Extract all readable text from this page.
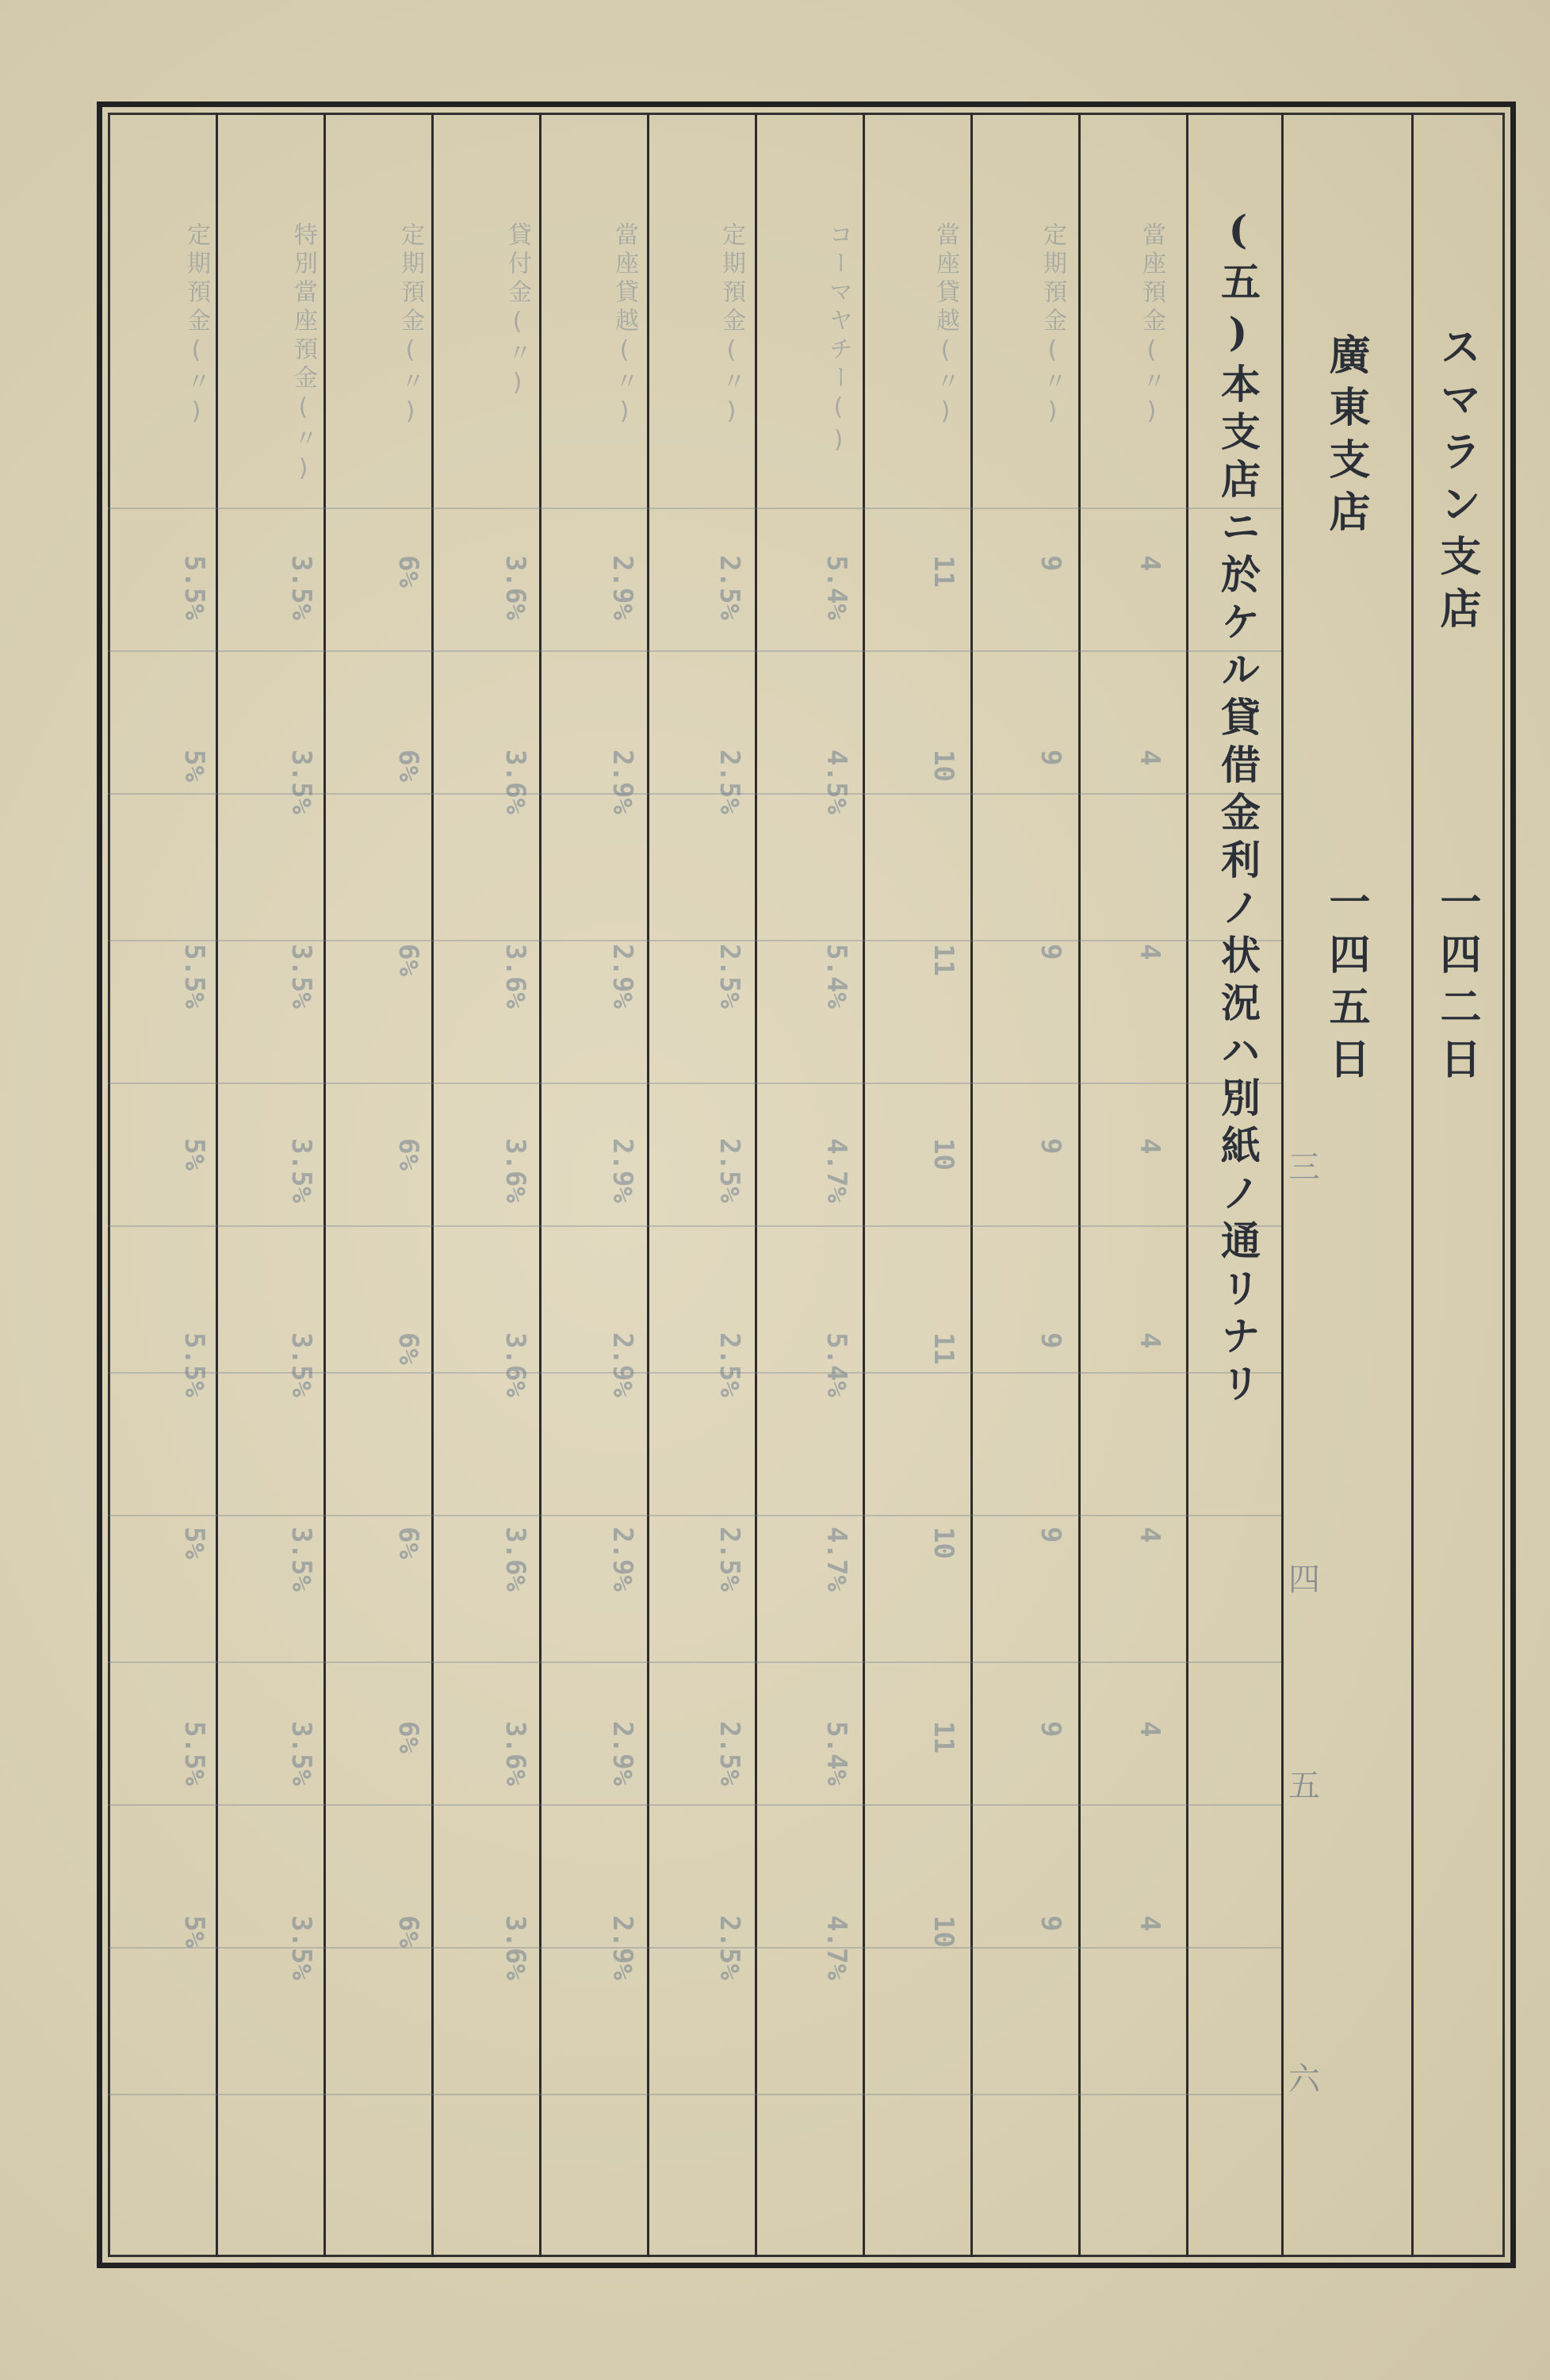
スマラン支店
一四二日
廣東支店
一四五日
(五)本支店ニ於ケル貸借金利ノ状況ハ別紙ノ通リナリ 三
四
五
六
當座預金(〃)
定期預金(〃)
當座貸越(〃)
コーマヤチー()
定期預金(〃)
當座貸越(〃)
貸付金(〃)
定期預金(〃)
特別當座預金(〃)
定期預金(〃)
4
4
4
4
4
4
4
4
9
9
9
9
9
9
9
9
11
10
11
10
11
10
11
10
5.4%
4.5%
5.4%
4.7%
5.4%
4.7%
5.4%
4.7%
2.5%
2.5%
2.5%
2.5%
2.5%
2.5%
2.5%
2.5%
2.9%
2.9%
2.9%
2.9%
2.9%
2.9%
2.9%
2.9%
3.6%
3.6%
3.6%
3.6%
3.6%
3.6%
3.6%
3.6%
6%
6%
6%
6%
6%
6%
6%
6%
3.5%
3.5%
3.5%
3.5%
3.5%
3.5%
3.5%
3.5%
5.5%
5%
5.5%
5%
5.5%
5%
5.5%
5%
